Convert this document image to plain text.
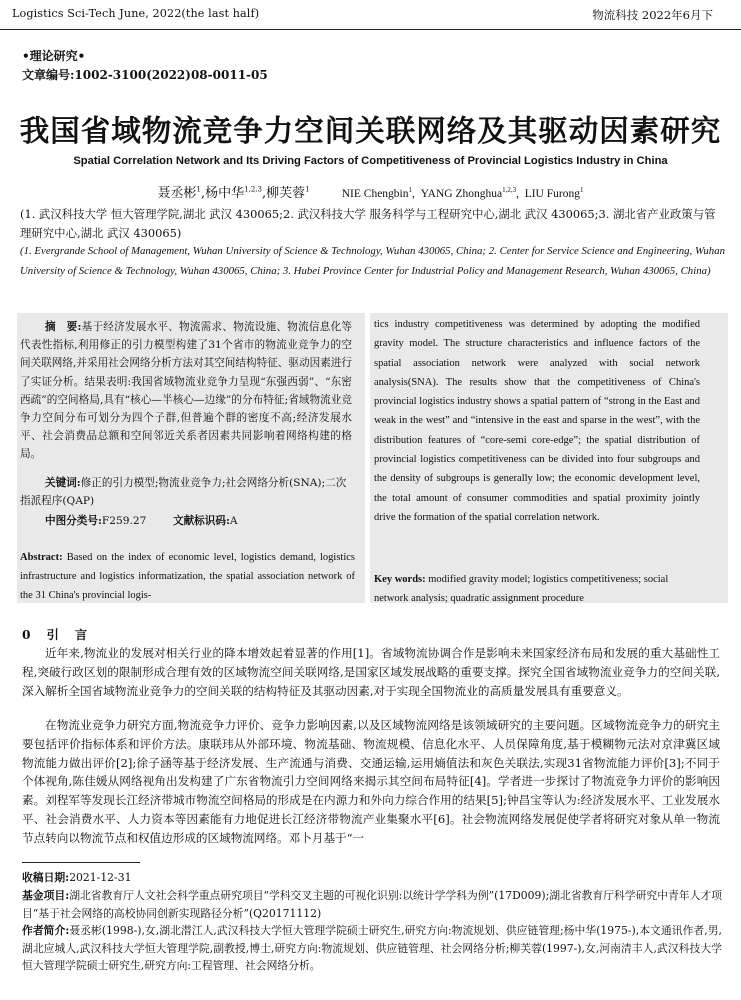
Logistics Sci-Tech June, 2022(the last half)	物流科技 2022年6月下
•理论研究•
文章编号:1002-3100(2022)08-0011-05
我国省域物流竞争力空间关联网络及其驱动因素研究
Spatial Correlation Network and Its Driving Factors of Competitiveness of Provincial Logistics Industry in China
聂丞彬$^1$,杨中华$^{1,2,3}$,柳芙蓉$^1$	NIE Chengbin$^1$,  YANG Zhonghua$^{1,2,3}$,  LIU Furong$^1$
(1. 武汉科技大学 恒大管理学院,湖北 武汉 430065;2. 武汉科技大学 服务科学与工程研究中心,湖北 武汉 430065;3. 湖北省产业政策与管理研究中心,湖北 武汉 430065)
(1. Evergrande School of Management, Wuhan University of Science & Technology, Wuhan 430065, China; 2. Center for Service Science and Engineering, Wuhan University of Science & Technology, Wuhan 430065, China; 3. Hubei Province Center for Industrial Policy and Management Research, Wuhan 430065, China)
摘　要:基于经济发展水平、物流需求、物流设施、物流信息化等代表性指标,利用修正的引力模型构建了31个省市的物流业竞争力的空间关联网络,并采用社会网络分析方法对其空间结构特征、驱动因素进行了实证分析。结果表明:我国省域物流业竞争力呈现“东强西弱”、“东密西疏”的空间格局,具有“核心—半核心—边缘”的分布特征;省域物流业竞争力空间分布可划分为四个子群,但普遍个群的密度不高;经济发展水平、社会消费品总额和空间邻近关系者因素共同影响着网络构建的格局。
关键词:修正的引力模型;物流业竞争力;社会网络分析(SNA);二次指派程序(QAP)
中图分类号:F259.27	文献标识码:A
Abstract: Based on the index of economic level, logistics demand, logistics infrastructure and logistics informatization, the spatial association network of the 31 China's provincial logis-
tics industry competitiveness was determined by adopting the modified gravity model. The structure characteristics and influence factors of the spatial association network were analyzed with social network analysis(SNA). The results show that the competitiveness of China's provincial logistics industry shows a spatial pattern of “strong in the East and weak in the west” and “intensive in the east and sparse in the west”, with the distribution features of “core-semi core-edge”; the spatial distribution of provincial logistics competitiveness can be divided into four subgroups and the density of subgroups is generally low; the economic development level, the total amount of consumer commodities and spatial proximity jointly drive the formation of the spatial correlation network.
Key words: modified gravity model; logistics competitiveness; social network analysis; quadratic assignment procedure
0　引　言
近年来,物流业的发展对相关行业的降本增效起着显著的作用[1]。省域物流协调合作是影响未来国家经济布局和发展的重大基础性工程,突破行政区划的限制形成合理有效的区域物流空间关联网络,是国家区域发展战略的重要支撑。探究全国省域物流业竞争力的空间关联,深入解析全国省域物流业竞争力的空间关联的结构特征及其驱动因素,对于实现全国物流业的高质量发展具有重要意义。
在物流业竞争力研究方面,物流竞争力评价、竞争力影响因素,以及区域物流网络是该领域研究的主要问题。区域物流竞争力的研究主要包括评价指标体系和评价方法。康联玮从外部环境、物流基础、物流规模、信息化水平、人员保障角度,基于模糊物元法对京津冀区域物流能力做出评价[2];徐子涵等基于经济发展、生产流通与消费、交通运输,运用熵值法和灰色关联法,实现31省物流能力评价[3];不同于个体视角,陈佳媛从网络视角出发构建了广东省物流引力空间网络来揭示其空间布局特征[4]。学者进一步探讨了物流竞争力评价的影响因素。刘程军等发现长江经济带城市物流空间格局的形成是在内源力和外向力综合作用的结果[5];钟昌宝等认为:经济发展水平、工业发展水平、社会消费水平、人力资本等因素能有力地促进长江经济带物流产业集聚水平[6]。社会物流网络发展促使学者将研究对象从单一物流节点转向以物流节点和权值边形成的区域物流网络。邓卜月基于“一
收稿日期:2021-12-31
基金项目:湖北省教育厅人文社会科学重点研究项目“学科交叉主题的可视化识别:以统计学学科为例”(17D009);湖北省教育厅科学研究中青年人才项目“基于社会网络的高校协同创新实现路径分析”(Q20171112)
作者简介:聂丞彬(1998-),女,湖北潜江人,武汉科技大学恒大管理学院硕士研究生,研究方向:物流规划、供应链管理;杨中华(1975-),本文通讯作者,男,湖北应城人,武汉科技大学恒大管理学院,副教授,博士,研究方向:物流规划、供应链管理、社会网络分析;柳芙蓉(1997-),女,河南清丰人,武汉科技大学恒大管理学院硕士研究生,研究方向:工程管理、社会网络分析。
